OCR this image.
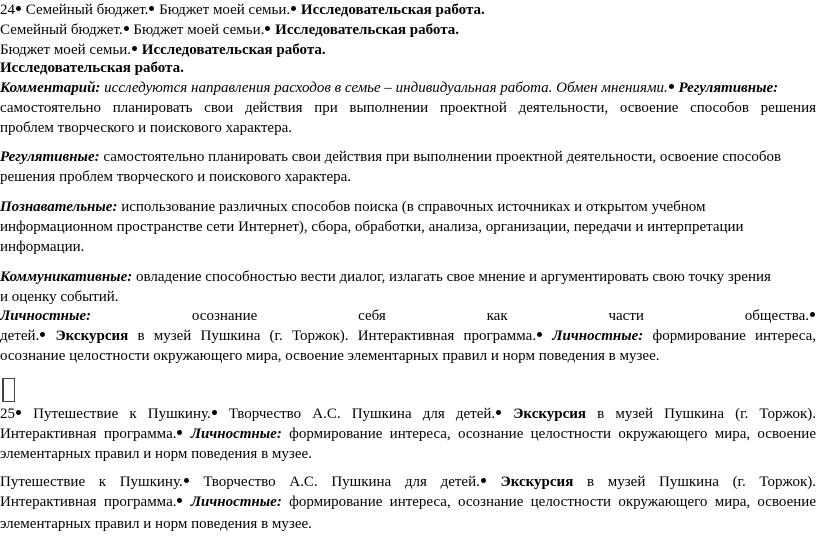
24 Семейный бюджет. Бюджет моей семьи. Исследовательская работа.
Семейный бюджет. Бюджет моей семьи. Исследовательская работа.
Бюджет моей семьи. Исследовательская работа.
Исследовательская работа.
Комментарий: исследуются направления расходов в семье – индивидуальная работа. Обмен мнениями. Регулятивные:
самостоятельно планировать свои действия при выполнении проектной деятельности, освоение способов решения
проблем творческого и поискового характера.
Регулятивные: самостоятельно планировать свои действия при выполнении проектной деятельности, освоение способов
решения проблем творческого и поискового характера.
Познавательные: использование различных способов поиска (в справочных источниках и открытом учебном
информационном пространстве сети Интернет), сбора, обработки, анализа, организации, передачи и интерпретации
информации.
Коммуникативные: овладение способностью вести диалог, излагать свое мнение и аргументировать свою точку зрения
и оценку событий.
Личностные: осознание себя как части общества.
детей. Экскурсия в музей Пушкина (г. Торжок). Интерактивная программа. Личностные: формирование интереса,
осознание целостности окружающего мира, освоение элементарных правил и норм поведения в музее.
25 Путешествие к Пушкину. Творчество А.С. Пушкина для детей. Экскурсия в музей Пушкина (г. Торжок).
Интерактивная программа. Личностные: формирование интереса, осознание целостности окружающего мира, освоение
элементарных правил и норм поведения в музее.
Путешествие к Пушкину. Творчество А.С. Пушкина для детей. Экскурсия в музей Пушкина (г. Торжок).
Интерактивная программа. Личностные: формирование интереса, осознание целостности окружающего мира, освоение
элементарных правил и норм поведения в музее.
